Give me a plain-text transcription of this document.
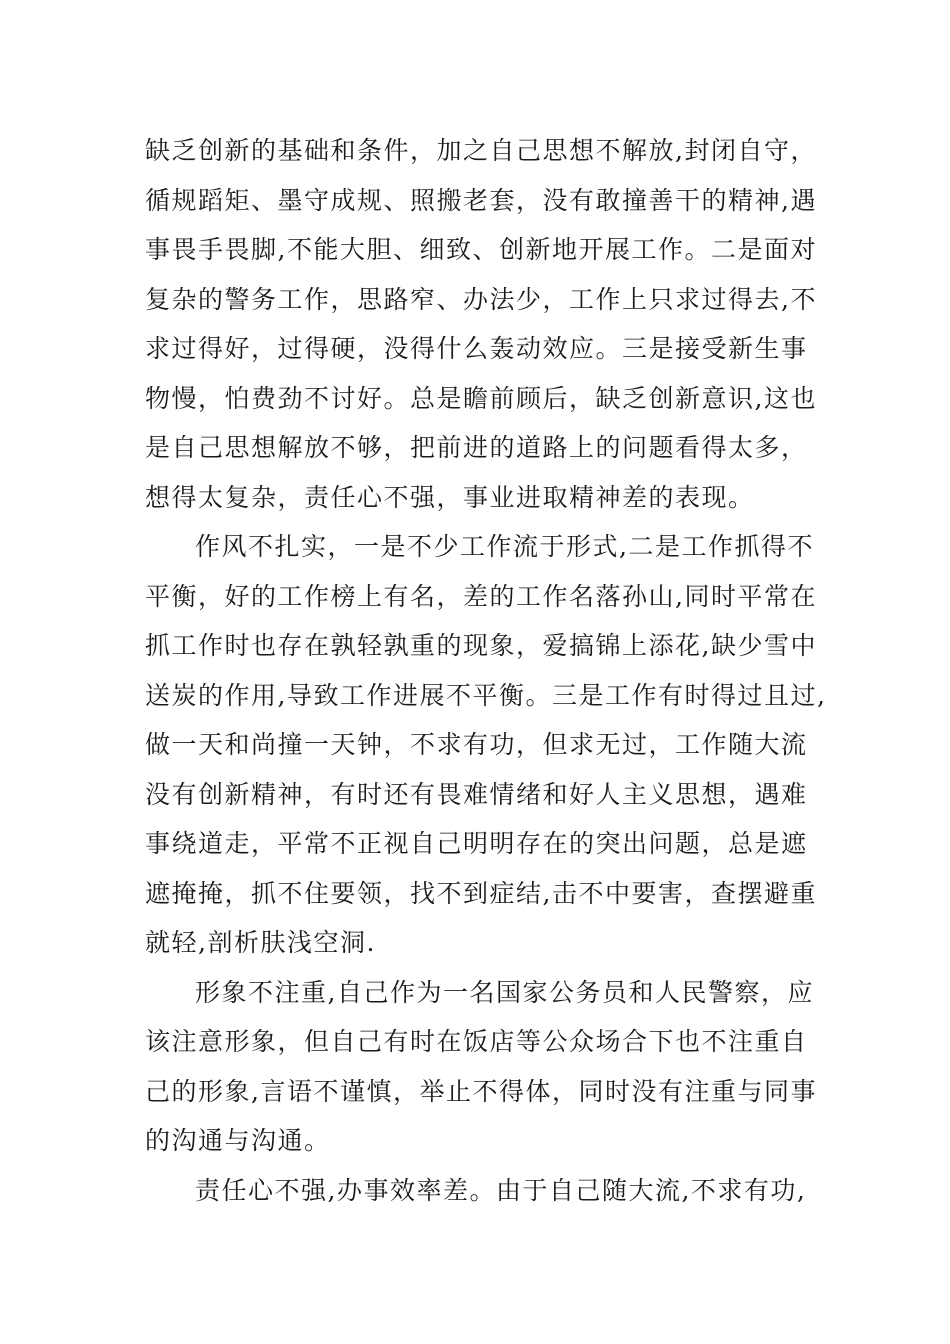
缺乏创新的基础和条件，加之自己思想不解放,封闭自守，
循规蹈矩、墨守成规、照搬老套，没有敢撞善干的精神,遇
事畏手畏脚,不能大胆、细致、创新地开展工作。二是面对
复杂的警务工作，思路窄、办法少，工作上只求过得去,不
求过得好，过得硬，没得什么轰动效应。三是接受新生事
物慢，怕费劲不讨好。总是瞻前顾后，缺乏创新意识,这也
是自己思想解放不够，把前进的道路上的问题看得太多，
想得太复杂，责任心不强，事业进取精神差的表现。
作风不扎实，一是不少工作流于形式,二是工作抓得不
平衡，好的工作榜上有名，差的工作名落孙山,同时平常在
抓工作时也存在孰轻孰重的现象，爱搞锦上添花,缺少雪中
送炭的作用,导致工作进展不平衡。三是工作有时得过且过,
做一天和尚撞一天钟，不求有功，但求无过，工作随大流
没有创新精神，有时还有畏难情绪和好人主义思想，遇难
事绕道走，平常不正视自己明明存在的突出问题，总是遮
遮掩掩，抓不住要领，找不到症结,击不中要害，查摆避重
就轻,剖析肤浅空洞.
形象不注重,自己作为一名国家公务员和人民警察，应
该注意形象，但自己有时在饭店等公众场合下也不注重自
己的形象,言语不谨慎，举止不得体，同时没有注重与同事
的沟通与沟通。
责任心不强,办事效率差。由于自己随大流,不求有功,
